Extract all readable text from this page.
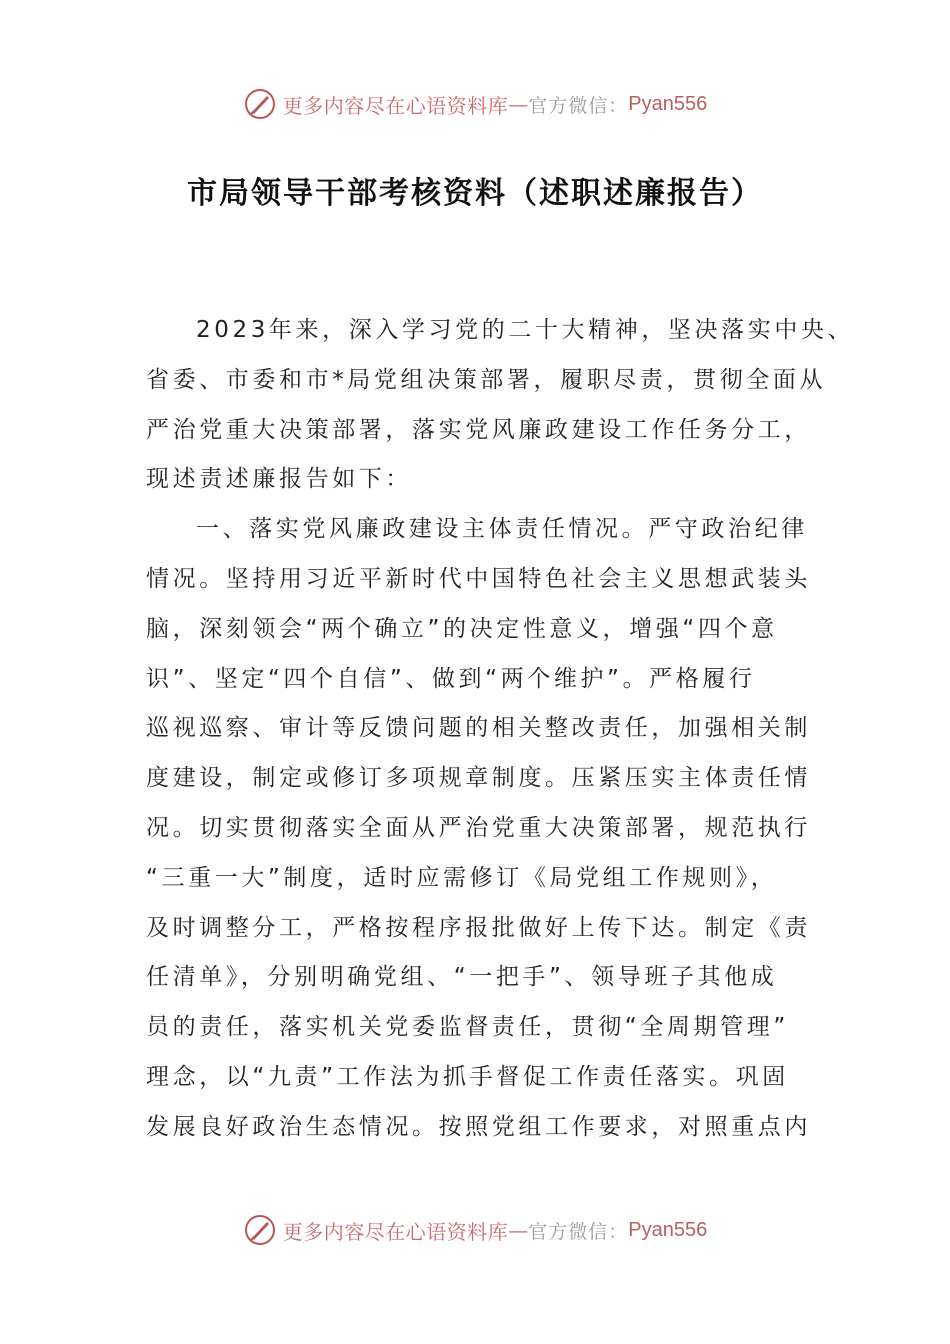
更多内容尽在心语资料库 — 官方微信： Pyan556
市局领导干部考核资料（述职述廉报告）
2023年来，深入学习党的二十大精神，坚决落实中央、
省委、市委和市*局党组决策部署，履职尽责，贯彻全面从
严治党重大决策部署，落实党风廉政建设工作任务分工，
现述责述廉报告如下：
一、落实党风廉政建设主体责任情况。严守政治纪律
情况。坚持用习近平新时代中国特色社会主义思想武装头
脑，深刻领会“两个确立”的决定性意义，增强“四个意
识”、坚定“四个自信”、做到“两个维护”。严格履行
巡视巡察、审计等反馈问题的相关整改责任，加强相关制
度建设，制定或修订多项规章制度。压紧压实主体责任情
况。切实贯彻落实全面从严治党重大决策部署，规范执行
“三重一大”制度，适时应需修订《局党组工作规则》，
及时调整分工，严格按程序报批做好上传下达。制定《责
任清单》，分别明确党组、“一把手”、领导班子其他成
员的责任，落实机关党委监督责任，贯彻“全周期管理”
理念，以“九责”工作法为抓手督促工作责任落实。巩固
发展良好政治生态情况。按照党组工作要求，对照重点内
更多内容尽在心语资料库 — 官方微信： Pyan556
